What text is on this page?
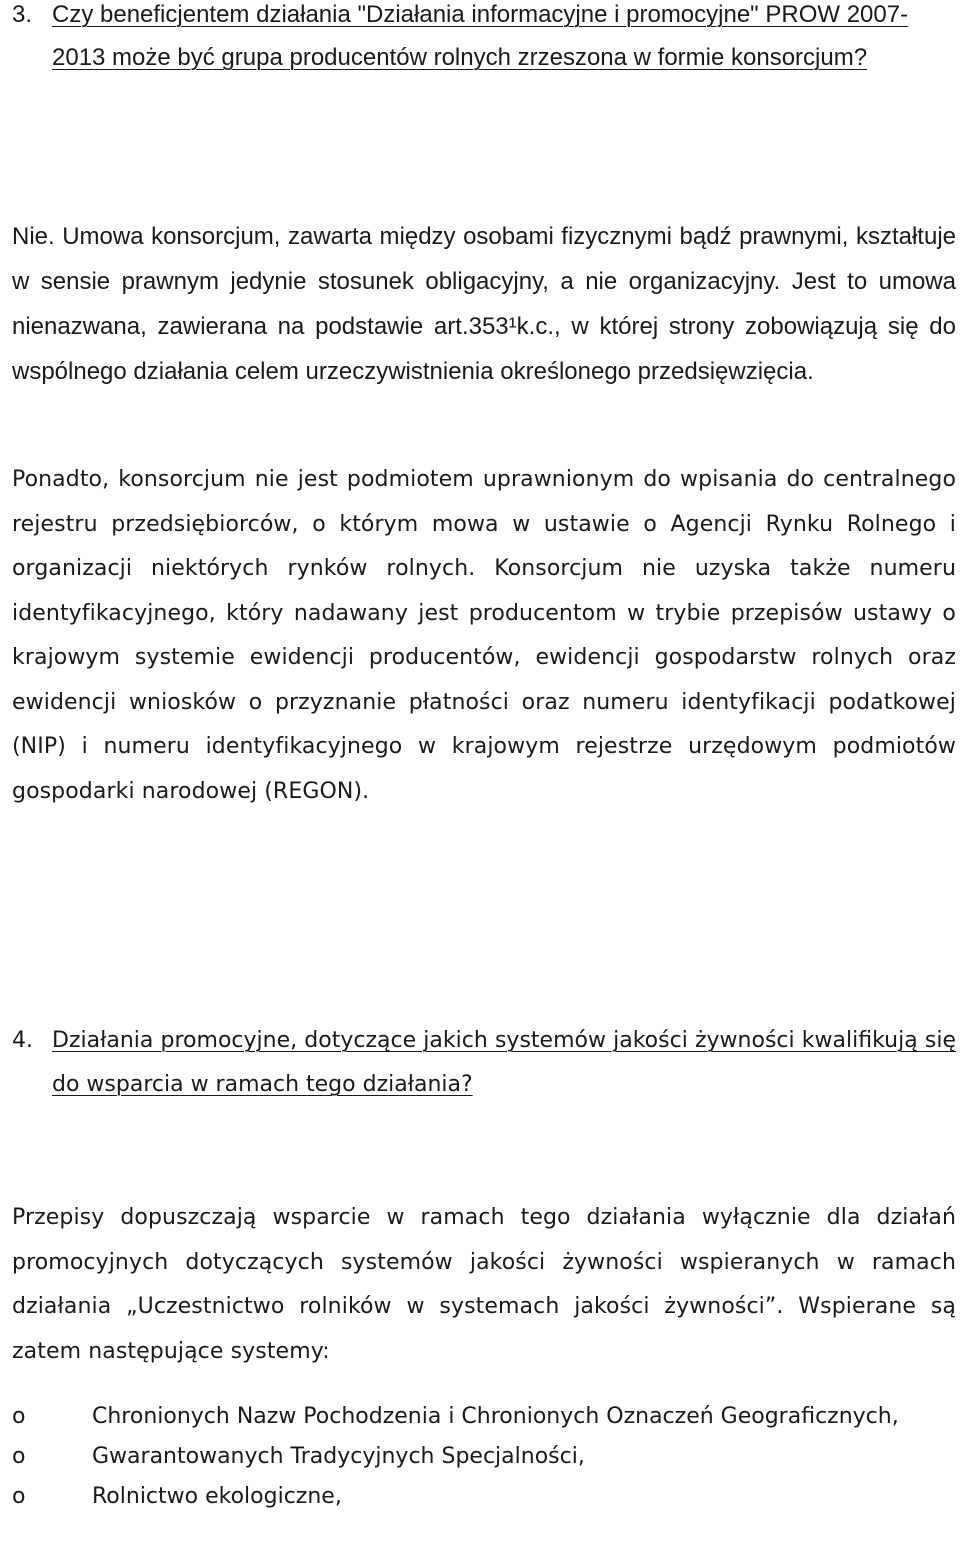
3. Czy beneficjentem działania "Działania informacyjne i promocyjne" PROW 2007-2013 może być grupa producentów rolnych zrzeszona w formie konsorcjum?

Nie. Umowa konsorcjum, zawarta między osobami fizycznymi bądź prawnymi, kształtuje w sensie prawnym jedynie stosunek obligacyjny, a nie organizacyjny. Jest to umowa nienazwana, zawierana na podstawie art.353¹k.c., w której strony zobowiązują się do wspólnego działania celem urzeczywistnienia określonego przedsięwzięcia.

Ponadto, konsorcjum nie jest podmiotem uprawnionym do wpisania do centralnego rejestru przedsiębiorców, o którym mowa w ustawie o Agencji Rynku Rolnego i organizacji niektórych rynków rolnych. Konsorcjum nie uzyska także numeru identyfikacyjnego, który nadawany jest producentom w trybie przepisów ustawy o krajowym systemie ewidencji producentów, ewidencji gospodarstw rolnych oraz ewidencji wniosków o przyznanie płatności oraz numeru identyfikacji podatkowej (NIP) i numeru identyfikacyjnego w krajowym rejestrze urzędowym podmiotów gospodarki narodowej (REGON).

4. Działania promocyjne, dotyczące jakich systemów jakości żywności kwalifikują się do wsparcia w ramach tego działania?

Przepisy dopuszczają wsparcie w ramach tego działania wyłącznie dla działań promocyjnych dotyczących systemów jakości żywności wspieranych w ramach działania „Uczestnictwo rolników w systemach jakości żywności”. Wspierane są zatem następujące systemy:

o	Chronionych Nazw Pochodzenia i Chronionych Oznaczeń Geograficznych,
o	Gwarantowanych Tradycyjnych Specjalności,
o	Rolnictwo ekologiczne,
